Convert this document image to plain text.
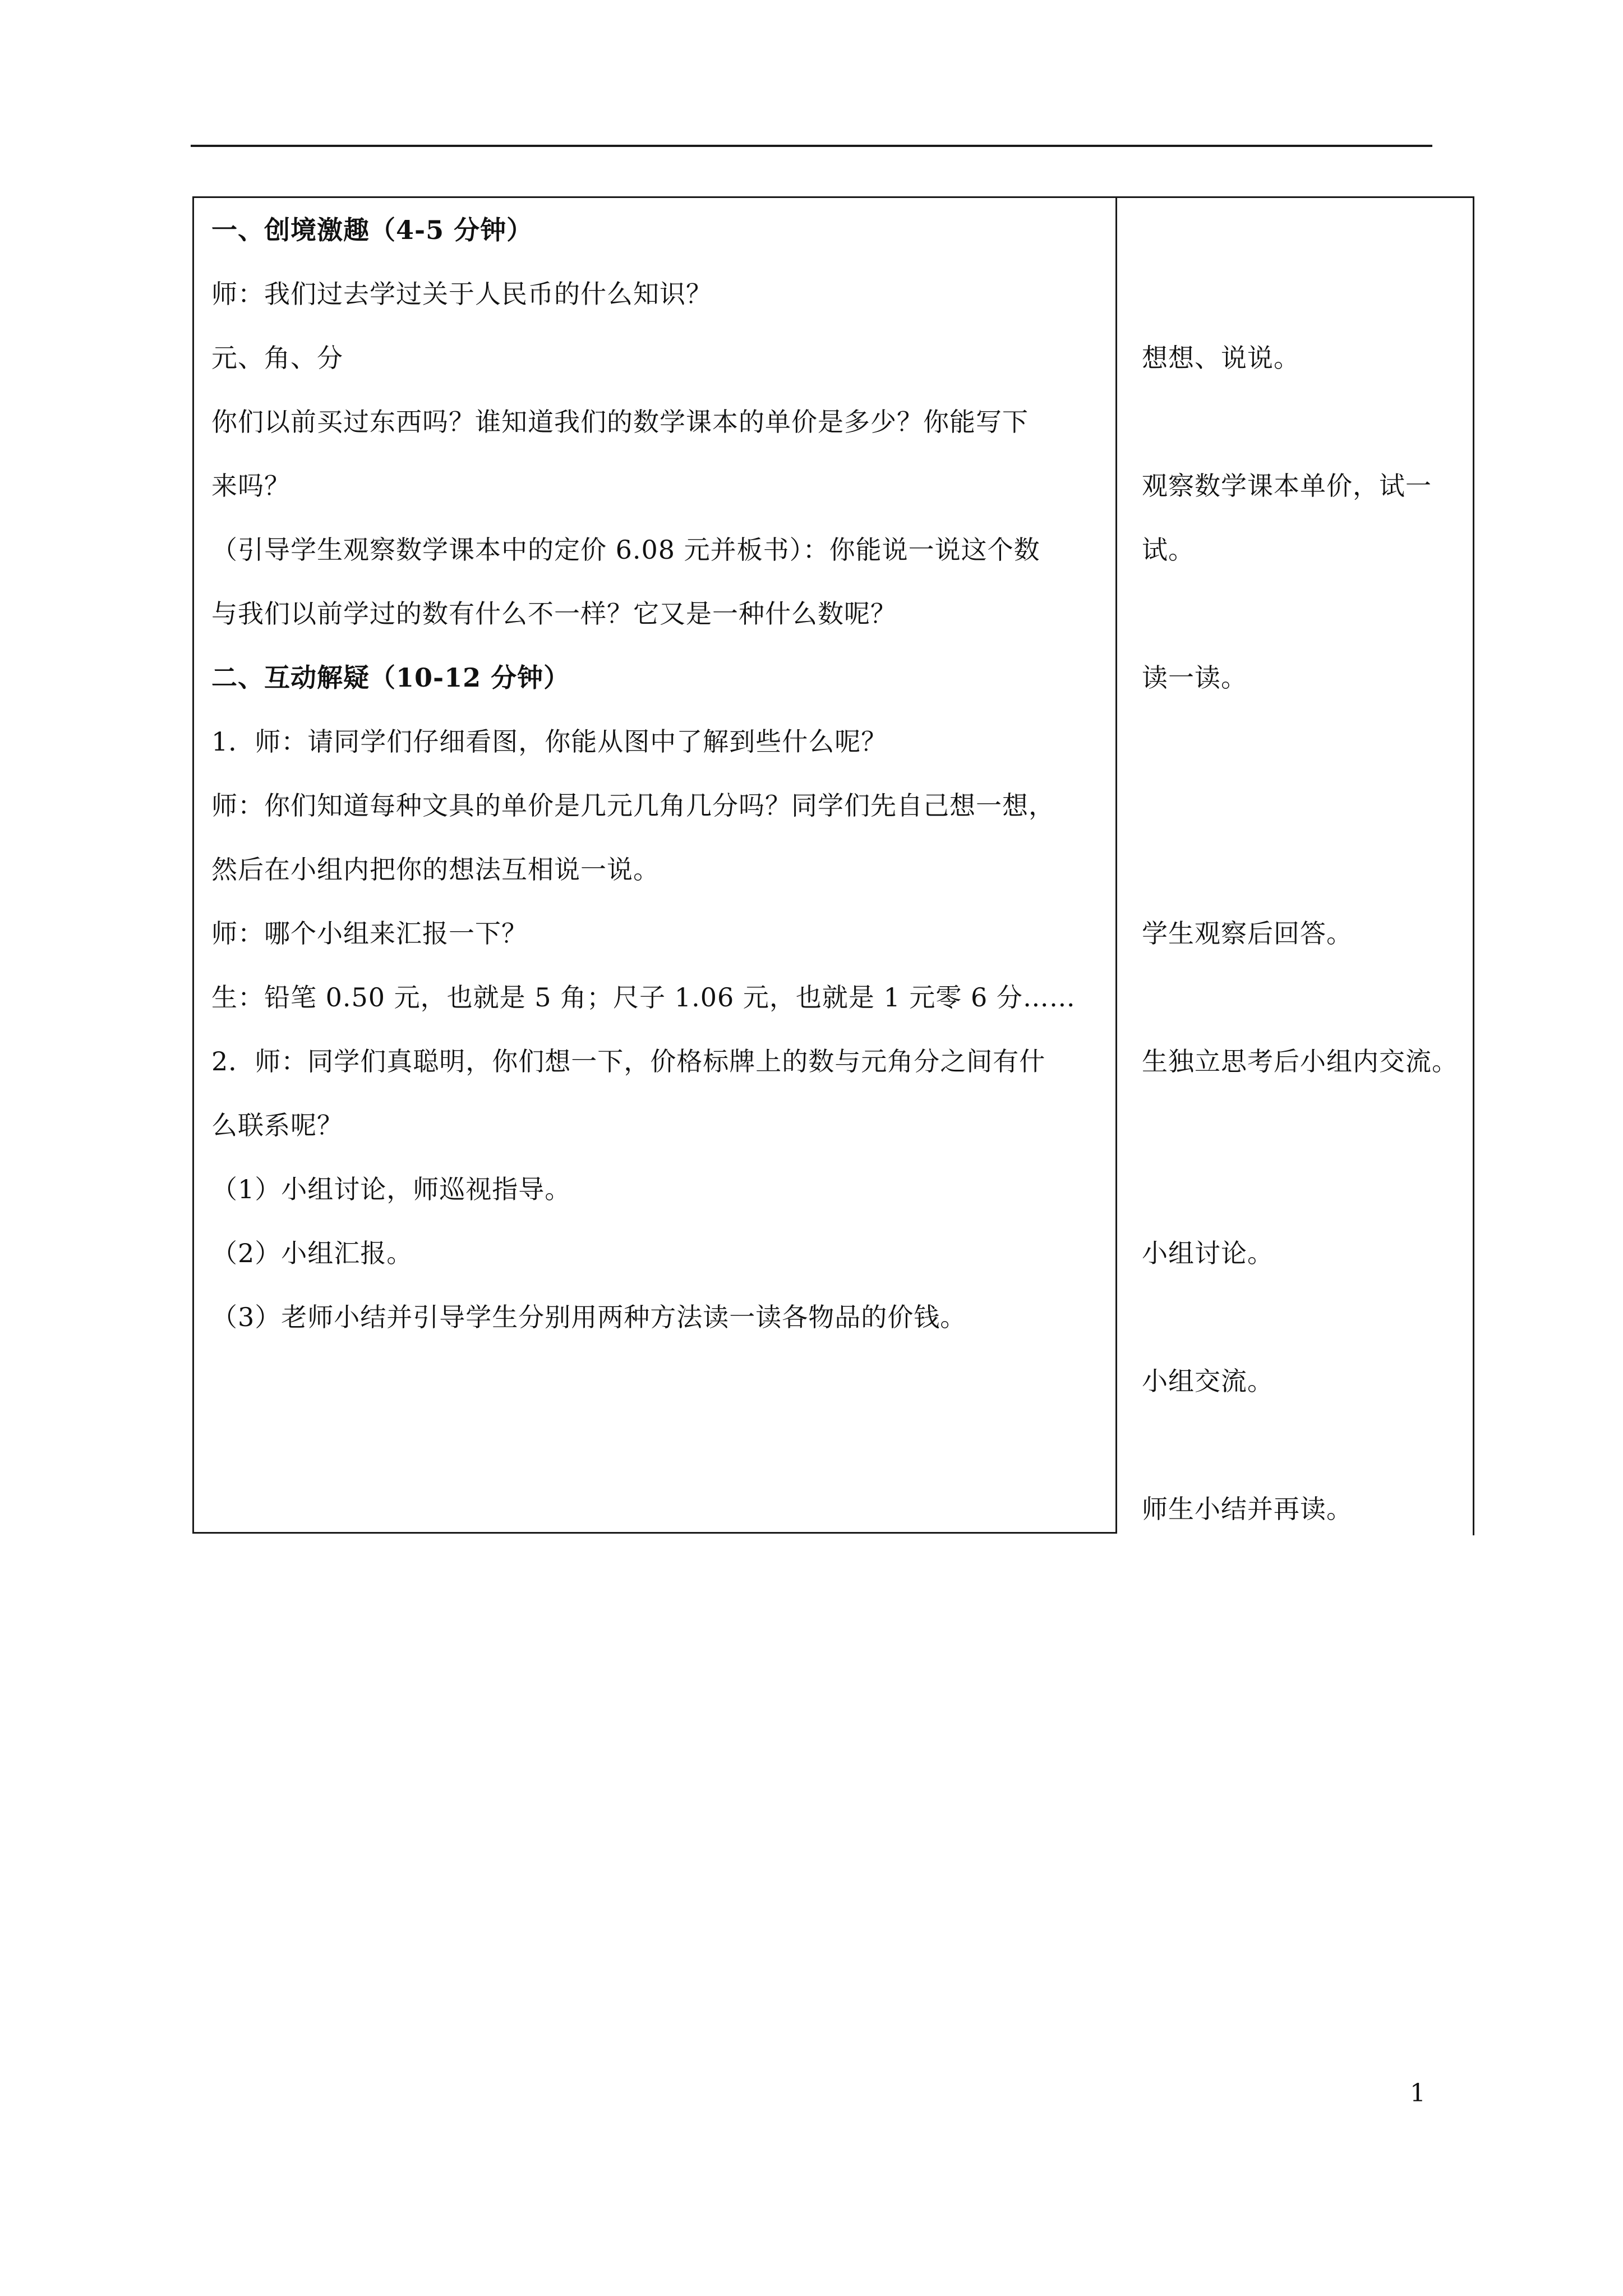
一、创境激趣（4-5 分钟）
师：我们过去学过关于人民币的什么知识？
元、角、分
你们以前买过东西吗？谁知道我们的数学课本的单价是多少？你能写下
来吗？
（引导学生观察数学课本中的定价 6.08 元并板书）：你能说一说这个数
与我们以前学过的数有什么不一样？它又是一种什么数呢？
二、互动解疑（10-12 分钟）
1．师：请同学们仔细看图，你能从图中了解到些什么呢？
师：你们知道每种文具的单价是几元几角几分吗？同学们先自己想一想，
然后在小组内把你的想法互相说一说。
师：哪个小组来汇报一下？
生：铅笔 0.50 元，也就是 5 角；尺子 1.06 元，也就是 1 元零 6 分……
2．师：同学们真聪明，你们想一下，价格标牌上的数与元角分之间有什
么联系呢？
（1）小组讨论，师巡视指导。
（2）小组汇报。
（3）老师小结并引导学生分别用两种方法读一读各物品的价钱。
想想、说说。
观察数学课本单价，试一
试。
读一读。
学生观察后回答。
生独立思考后小组内交流。
小组讨论。
小组交流。
师生小结并再读。
1
